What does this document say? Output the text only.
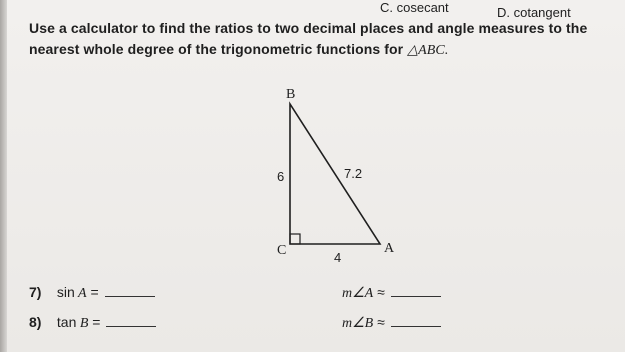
C. cosecant	D. cotangent
Use a calculator to find the ratios to two decimal places and angle measures to the nearest whole degree of the trigonometric functions for △ABC.
B
C	A
6	7.2
4
7) sin A =	m∠A ≈
8) tan B =	m∠B ≈
